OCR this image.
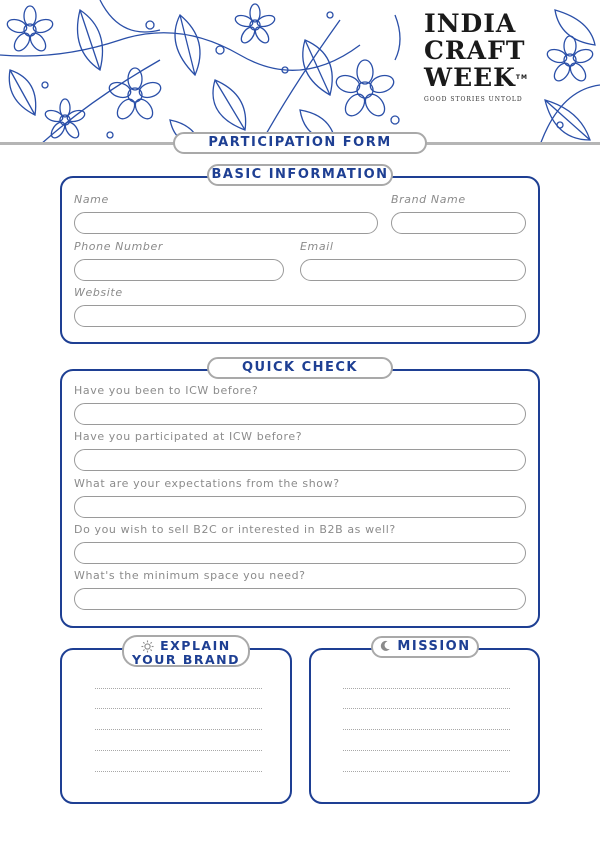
INDIA
CRAFT
WEEK™
GOOD STORIES UNTOLD
PARTICIPATION FORM
BASIC INFORMATION
Name	Brand Name
Phone Number	Email
Website
QUICK CHECK
Have you been to ICW before?
Have you participated at ICW before?
What are your expectations from the show?
Do you wish to sell B2C or interested in B2B as well?
What's the minimum space you need?
EXPLAIN
YOUR BRAND
MISSION
